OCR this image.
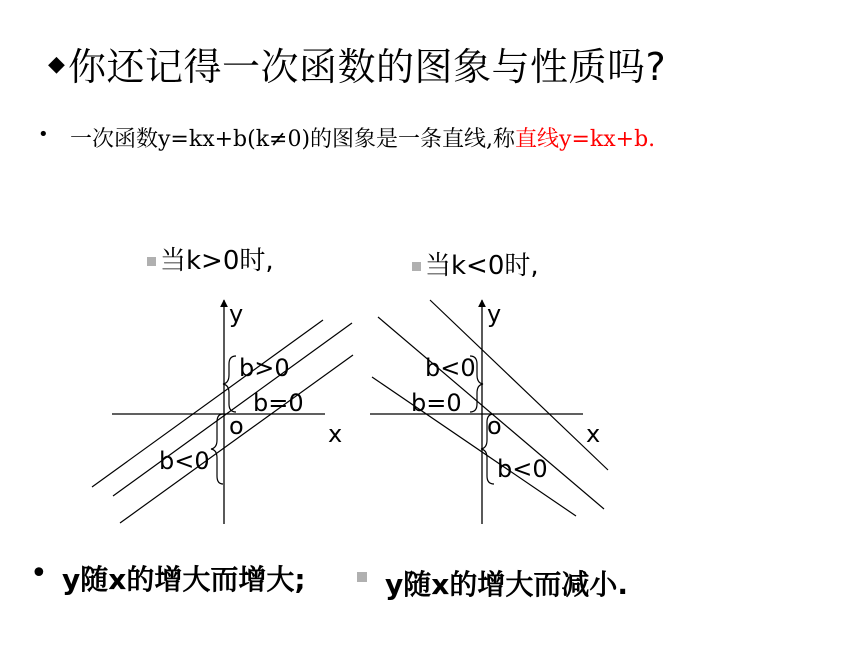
◆ 你还记得一次函数的图象与性质吗?
• 一次函数y=kx+b(k≠0)的图象是一条直线,称直线y=kx+b.
当k>0时,	当k<0时,
y
x
o
b>0
b=0
b<0
y
x
o
b<0
b=0
b<0
• y随x的增大而增大;	y随x的增大而减小.
